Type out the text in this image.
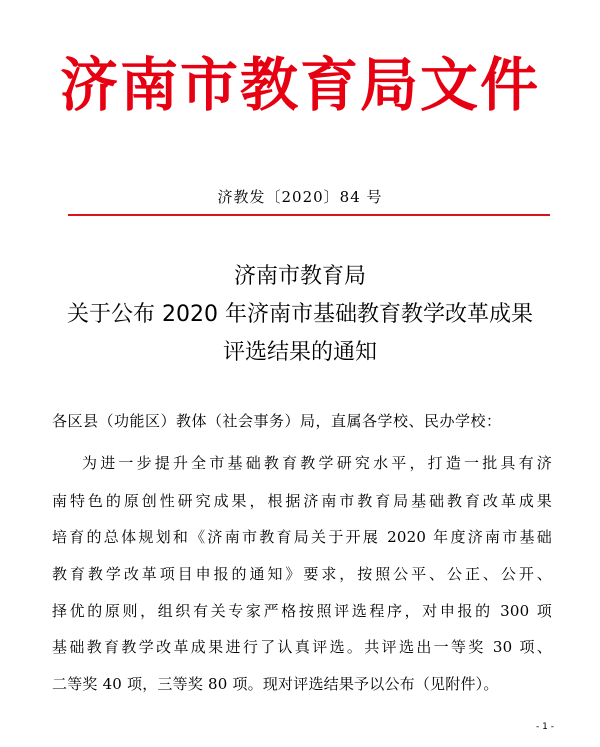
济南市教育局文件
济教发〔2020〕84 号
济南市教育局
关于公布 2020 年济南市基础教育教学改革成果
评选结果的通知
各区县（功能区）教体（社会事务）局，直属各学校、民办学校：
为进一步提升全市基础教育教学研究水平，打造一批具有济
南特色的原创性研究成果，根据济南市教育局基础教育改革成果
培育的总体规划和《济南市教育局关于开展 2020 年度济南市基础
教育教学改革项目申报的通知》要求，按照公平、公正、公开、
择优的原则，组织有关专家严格按照评选程序，对申报的 300 项
基础教育教学改革成果进行了认真评选。共评选出一等奖 30 项、
二等奖 40 项，三等奖 80 项。现对评选结果予以公布（见附件）。
- 1 -
